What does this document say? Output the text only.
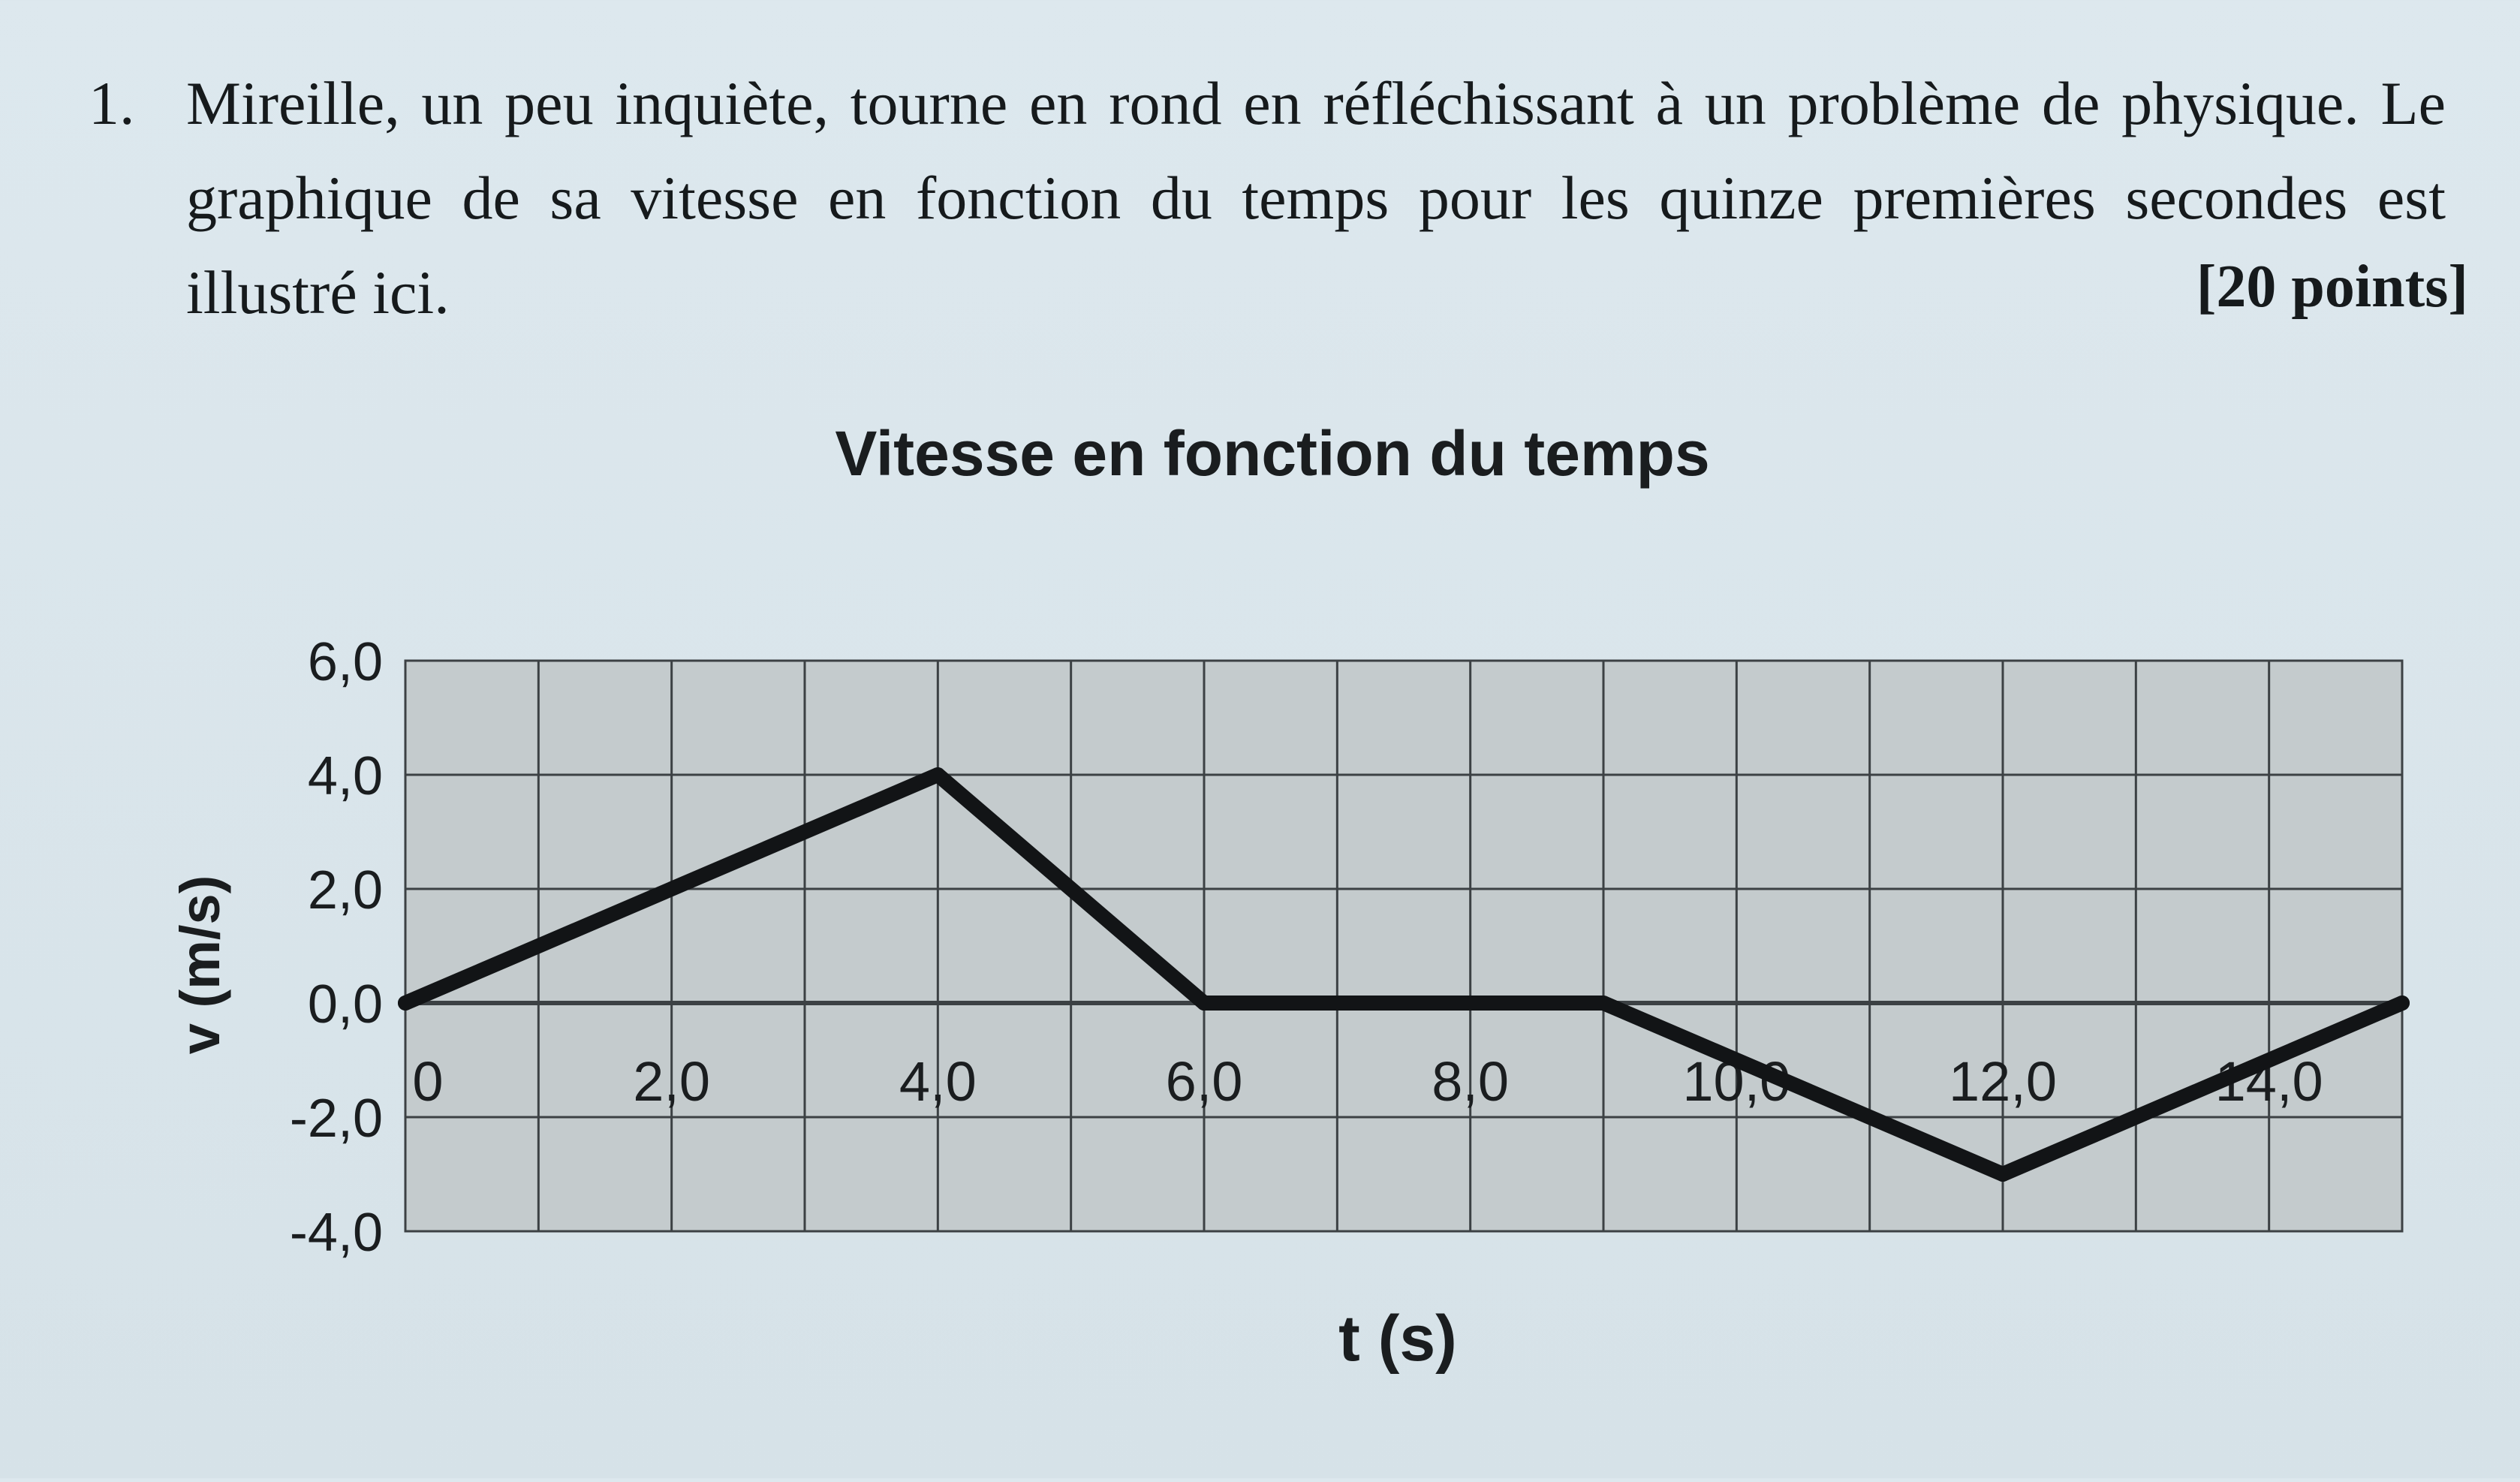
1. Mireille, un peu inquiète, tourne en rond en réfléchissant à un problème de physique. Le graphique de sa vitesse en fonction du temps pour les quinze premières secondes est illustré ici.	[20 points]
Vitesse en fonction du temps
6,0
4,0
2,0
0,0
-2,0
-4,0
0	2,0	4,0	6,0	8,0	10,0	12,0	14,0
t (s)
v (m/s)
